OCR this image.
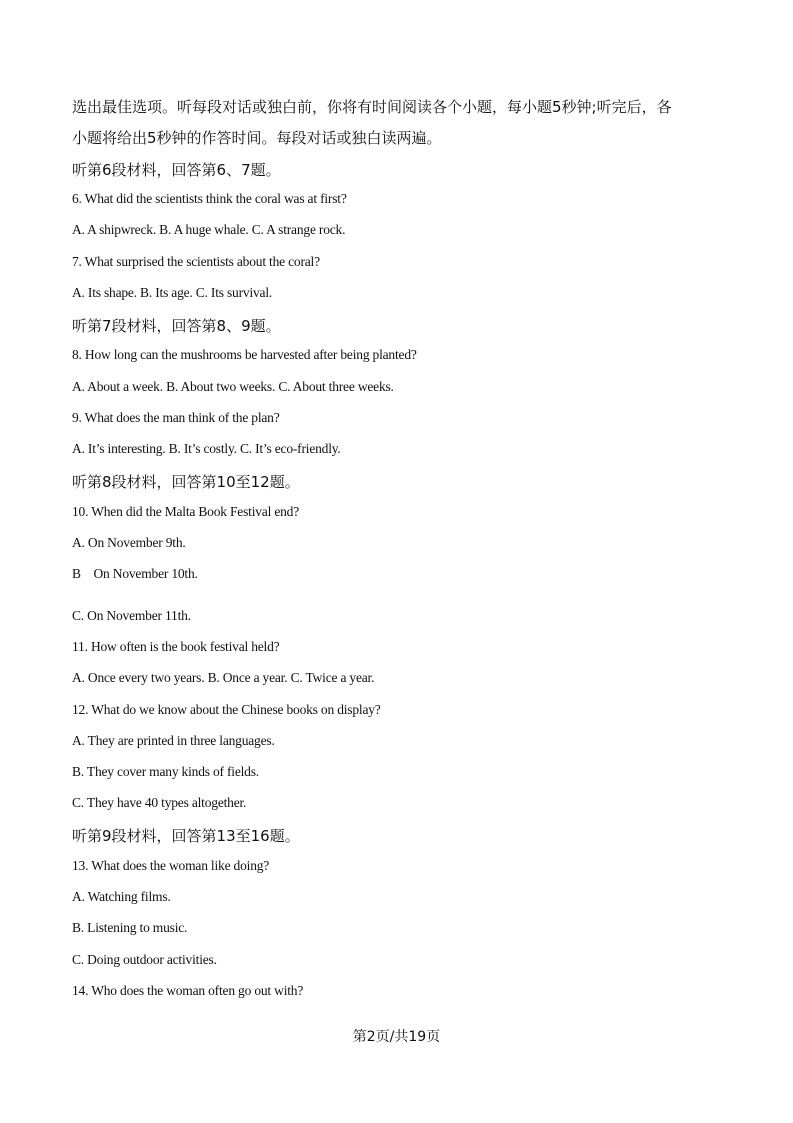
选出最佳选项。听每段对话或独白前，你将有时间阅读各个小题，每小题5秒钟;听完后，各
小题将给出5秒钟的作答时间。每段对话或独白读两遍。
听第6段材料，回答第6、7题。
6. What did the scientists think the coral was at first?
A. A shipwreck. B. A huge whale. C. A strange rock.
7. What surprised the scientists about the coral?
A. Its shape. B. Its age. C. Its survival.
听第7段材料，回答第8、9题。
8. How long can the mushrooms be harvested after being planted?
A. About a week. B. About two weeks. C. About three weeks.
9. What does the man think of the plan?
A. It’s interesting. B. It’s costly. C. It’s eco-friendly.
听第8段材料，回答第10至12题。
10. When did the Malta Book Festival end?
A. On November 9th.
B    On November 10th.
C. On November 11th.
11. How often is the book festival held?
A. Once every two years. B. Once a year. C. Twice a year.
12. What do we know about the Chinese books on display?
A. They are printed in three languages.
B. They cover many kinds of fields.
C. They have 40 types altogether.
听第9段材料，回答第13至16题。
13. What does the woman like doing?
A. Watching films.
B. Listening to music.
C. Doing outdoor activities.
14. Who does the woman often go out with?
第2页/共19页
